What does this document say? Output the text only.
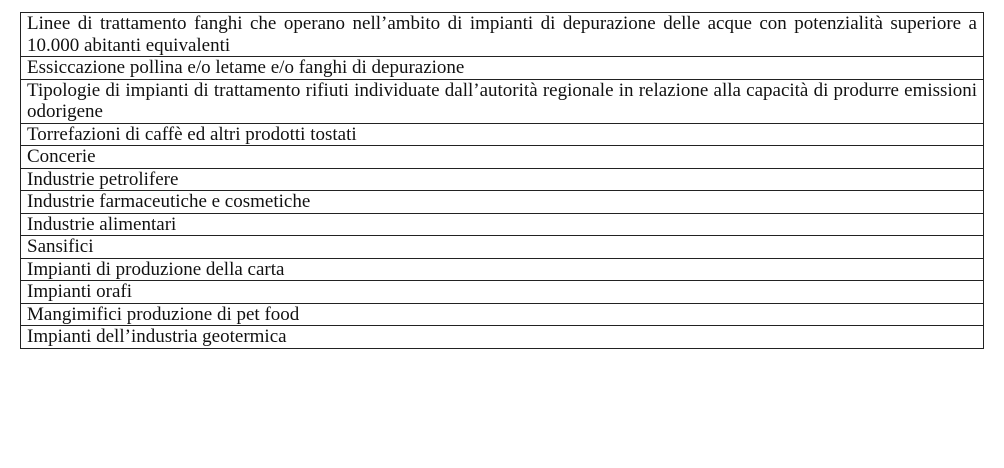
Linee di trattamento fanghi che operano nell’ambito di impianti di depurazione delle acque con potenzialità superiore a 10.000 abitanti equivalenti
Essiccazione pollina e/o letame e/o fanghi di depurazione
Tipologie di impianti di trattamento rifiuti individuate dall’autorità regionale in relazione alla capacità di produrre emissioni odorigene
Torrefazioni di caffè ed altri prodotti tostati
Concerie
Industrie petrolifere
Industrie farmaceutiche e cosmetiche
Industrie alimentari
Sansifici
Impianti di produzione della carta
Impianti orafi
Mangimifici produzione di pet food
Impianti dell’industria geotermica
